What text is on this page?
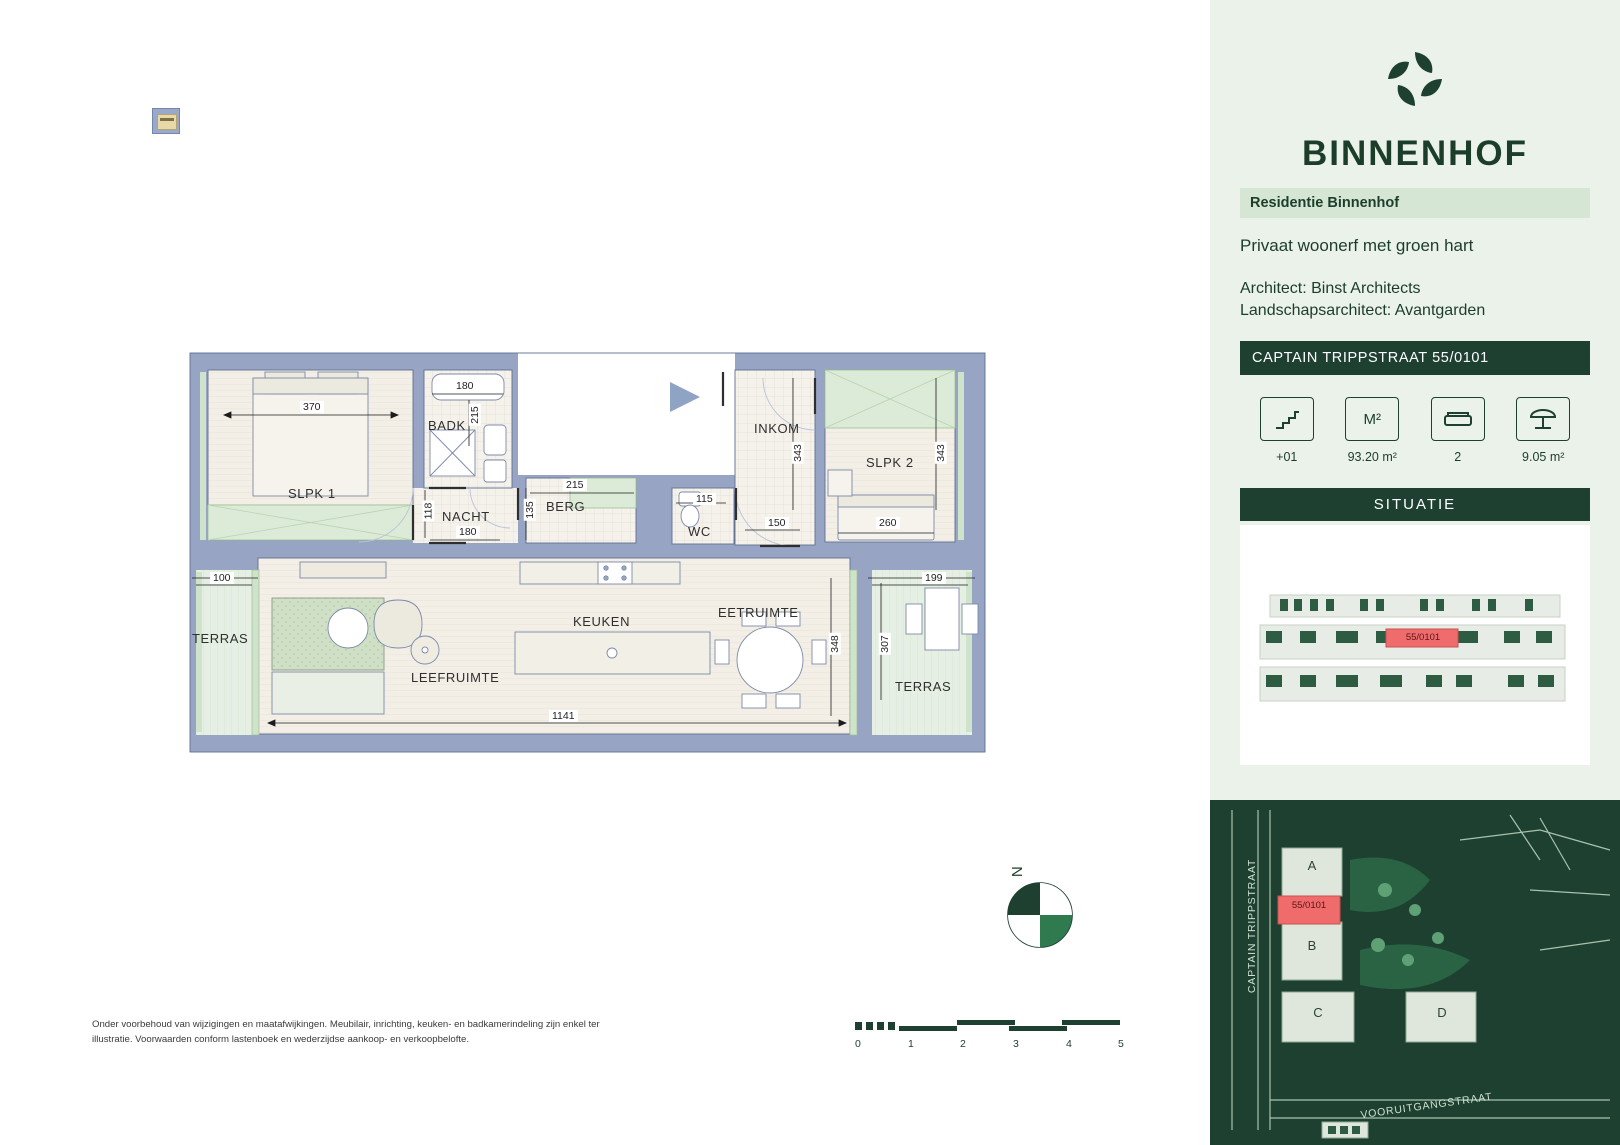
N
SLPK 1
BADK
NACHT
BERG
WC
INKOM
SLPK 2
TERRAS
LEEFRUIMTE
KEUKEN
EETRUIMTE
TERRAS
370
180
215
215
135
118
180
115
150
343	343
260
100	199
307
348
1141
0	1	2	3	4	5
Onder voorbehoud van wijzigingen en maatafwijkingen. Meubilair, inrichting, keuken- en badkamerindeling zijn enkel ter illustratie. Voorwaarden conform lastenboek en wederzijdse aankoop- en verkoopbelofte.
BINNENHOF
Residentie Binnenhof
Privaat woonerf met groen hart
Architect: Binst Architects
Landschapsarchitect: Avantgarden
CAPTAIN TRIPPSTRAAT 55/0101
+01
M²
93.20 m²	2	9.05 m²
SITUATIE
55/0101
55/0101
A
B
C	D
CAPTAIN TRIPPSTRAAT
VOORUITGANGSTRAAT
